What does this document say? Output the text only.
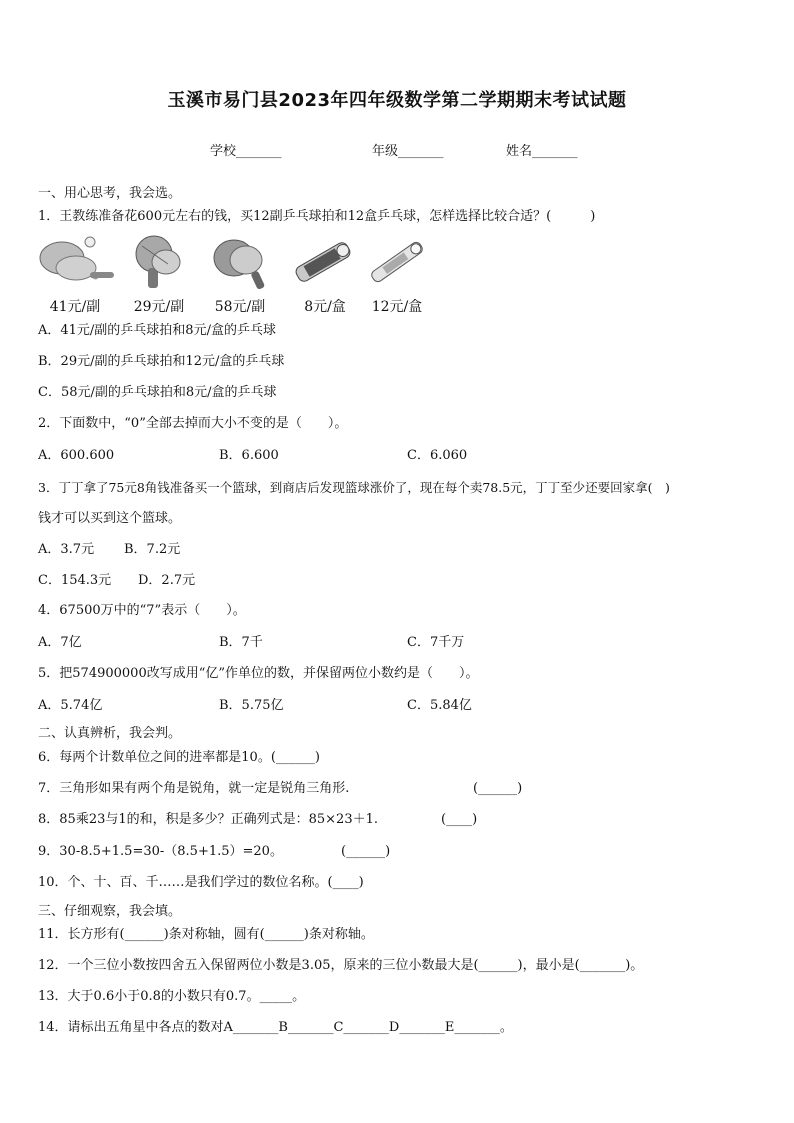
玉溪市易门县2023年四年级数学第二学期期末考试试题
学校_______	年级_______	姓名_______
一、用心思考，我会选。
1．王教练准备花600元左右的钱，买12副乒乓球拍和12盒乒乓球，怎样选择比较合适？(　　　)
41元/副	29元/副	58元/副	8元/盒	12元/盒
A．41元/副的乒乓球拍和8元/盒的乒乓球
B．29元/副的乒乓球拍和12元/盒的乒乓球
C．58元/副的乒乓球拍和8元/盒的乒乓球
2．下面数中，“0”全部去掉而大小不变的是（　　）。
A．600.600	B．6.600	C．6.060
3．丁丁拿了75元8角钱准备买一个篮球，到商店后发现篮球涨价了，现在每个卖78.5元，丁丁至少还要回家拿(　)
钱才可以买到这个篮球。
A．3.7元 B．7.2元
C．154.3元 D．2.7元
4．67500万中的“7”表示（　　）。
A．7亿	B．7千	C．7千万
5．把574900000改写成用“亿”作单位的数，并保留两位小数约是（　　）。
A．5.74亿	B．5.75亿	C．5.84亿
二、认真辨析，我会判。
6．每两个计数单位之间的进率都是10。(______)
7．三角形如果有两个角是锐角，就一定是锐角三角形.	(______)
8．85乘23与1的和，积是多少？正确列式是：85×23＋1.	(____)
9．30-8.5+1.5=30-（8.5+1.5）=20。	(______)
10．个、十、百、千……是我们学过的数位名称。(____)
三、仔细观察，我会填。
11．长方形有(______)条对称轴，圆有(______)条对称轴。
12．一个三位小数按四舍五入保留两位小数是3.05，原来的三位小数最大是(______)，最小是(_______)。
13．大于0.6小于0.8的小数只有0.7。_____。
14．请标出五角星中各点的数对A_______B_______C_______D_______E_______。
